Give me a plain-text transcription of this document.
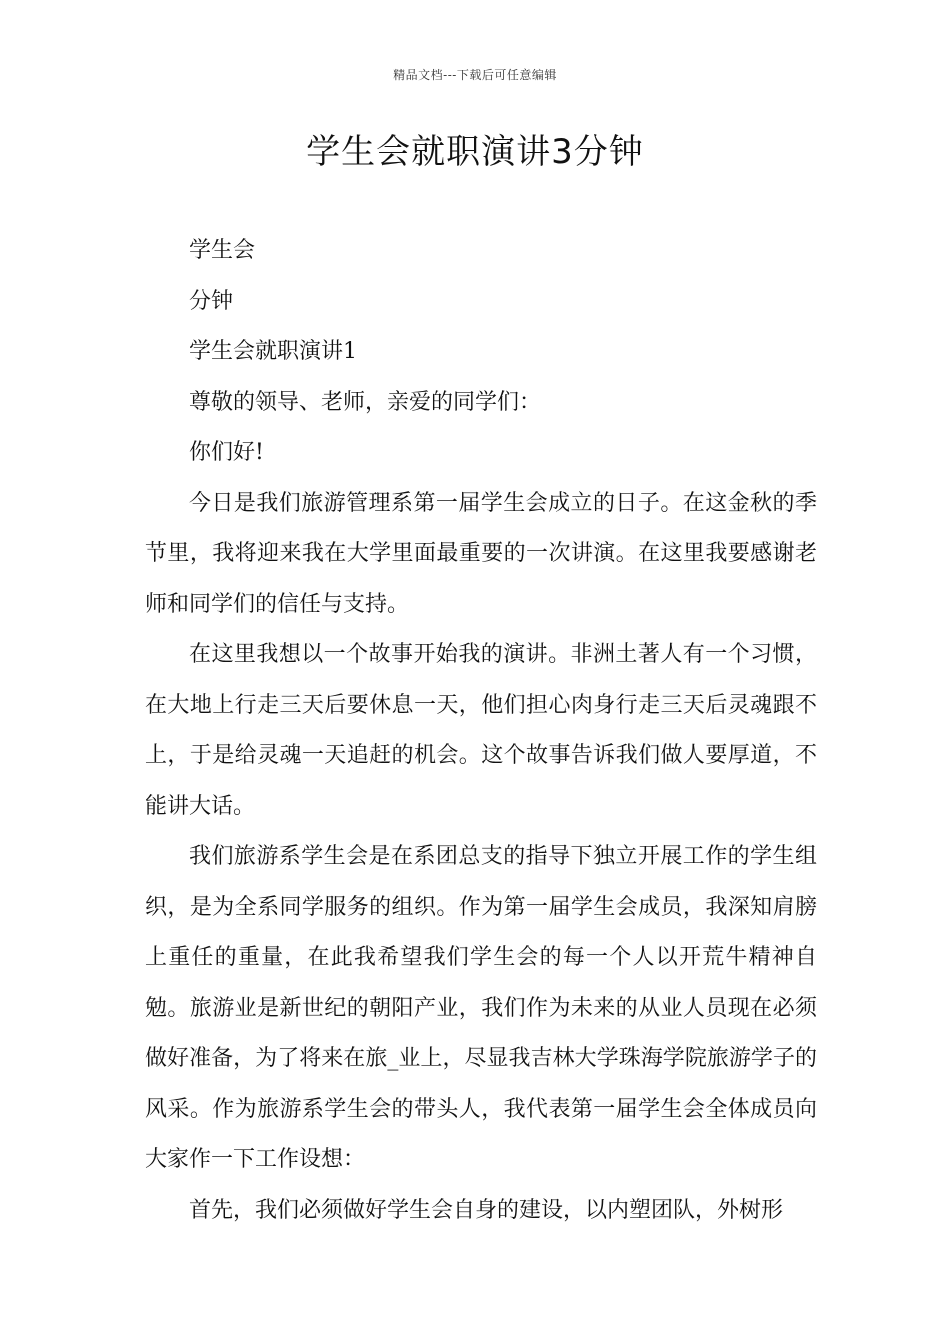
精品文档---下载后可任意编辑
学生会就职演讲3分钟

学生会

分钟

学生会就职演讲1

尊敬的领导、老师，亲爱的同学们：

你们好!

今日是我们旅游管理系第一届学生会成立的日子。在这金秋的季节里，我将迎来我在大学里面最重要的一次讲演。在这里我要感谢老师和同学们的信任与支持。

在这里我想以一个故事开始我的演讲。非洲土著人有一个习惯，在大地上行走三天后要休息一天，他们担心肉身行走三天后灵魂跟不上，于是给灵魂一天追赶的机会。这个故事告诉我们做人要厚道，不能讲大话。

我们旅游系学生会是在系团总支的指导下独立开展工作的学生组织，是为全系同学服务的组织。作为第一届学生会成员，我深知肩膀上重任的重量，在此我希望我们学生会的每一个人以开荒牛精神自勉。旅游业是新世纪的朝阳产业，我们作为未来的从业人员现在必须做好准备，为了将来在旅_业上，尽显我吉林大学珠海学院旅游学子的风采。作为旅游系学生会的带头人，我代表第一届学生会全体成员向大家作一下工作设想：

首先，我们必须做好学生会自身的建设，以内塑团队，外树形
